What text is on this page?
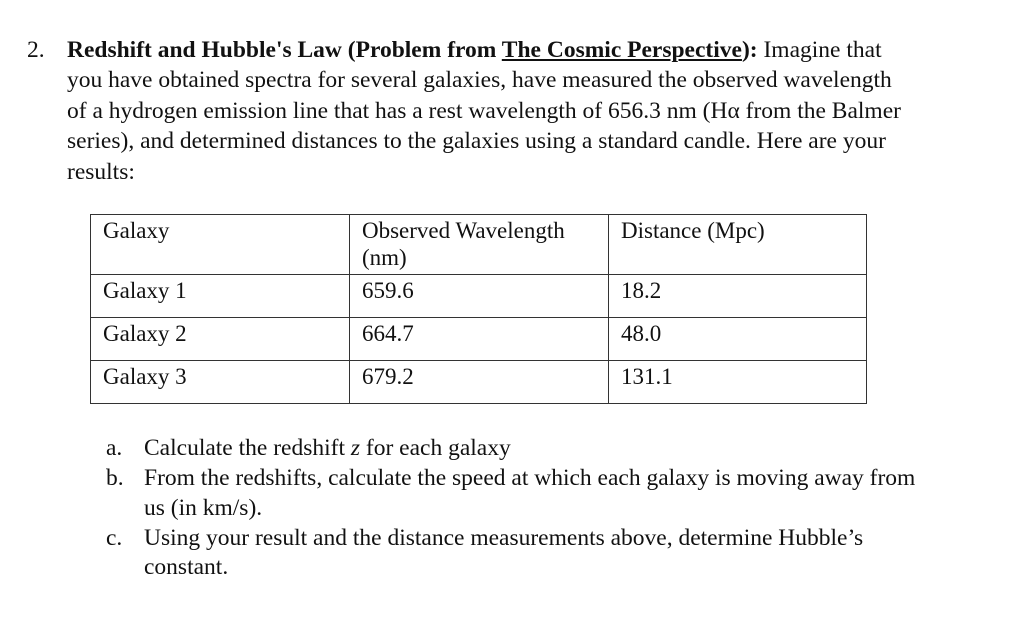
2. Redshift and Hubble's Law (Problem from The Cosmic Perspective): Imagine that
you have obtained spectra for several galaxies, have measured the observed wavelength
of a hydrogen emission line that has a rest wavelength of 656.3 nm (Hα from the Balmer
series), and determined distances to the galaxies using a standard candle. Here are your
results:
Galaxy	Observed Wavelength (nm)	Distance (Mpc)
Galaxy 1	659.6	18.2
Galaxy 2	664.7	48.0
Galaxy 3	679.2	131.1
a. Calculate the redshift z for each galaxy
b. From the redshifts, calculate the speed at which each galaxy is moving away from
us (in km/s).
c. Using your result and the distance measurements above, determine Hubble’s
constant.
